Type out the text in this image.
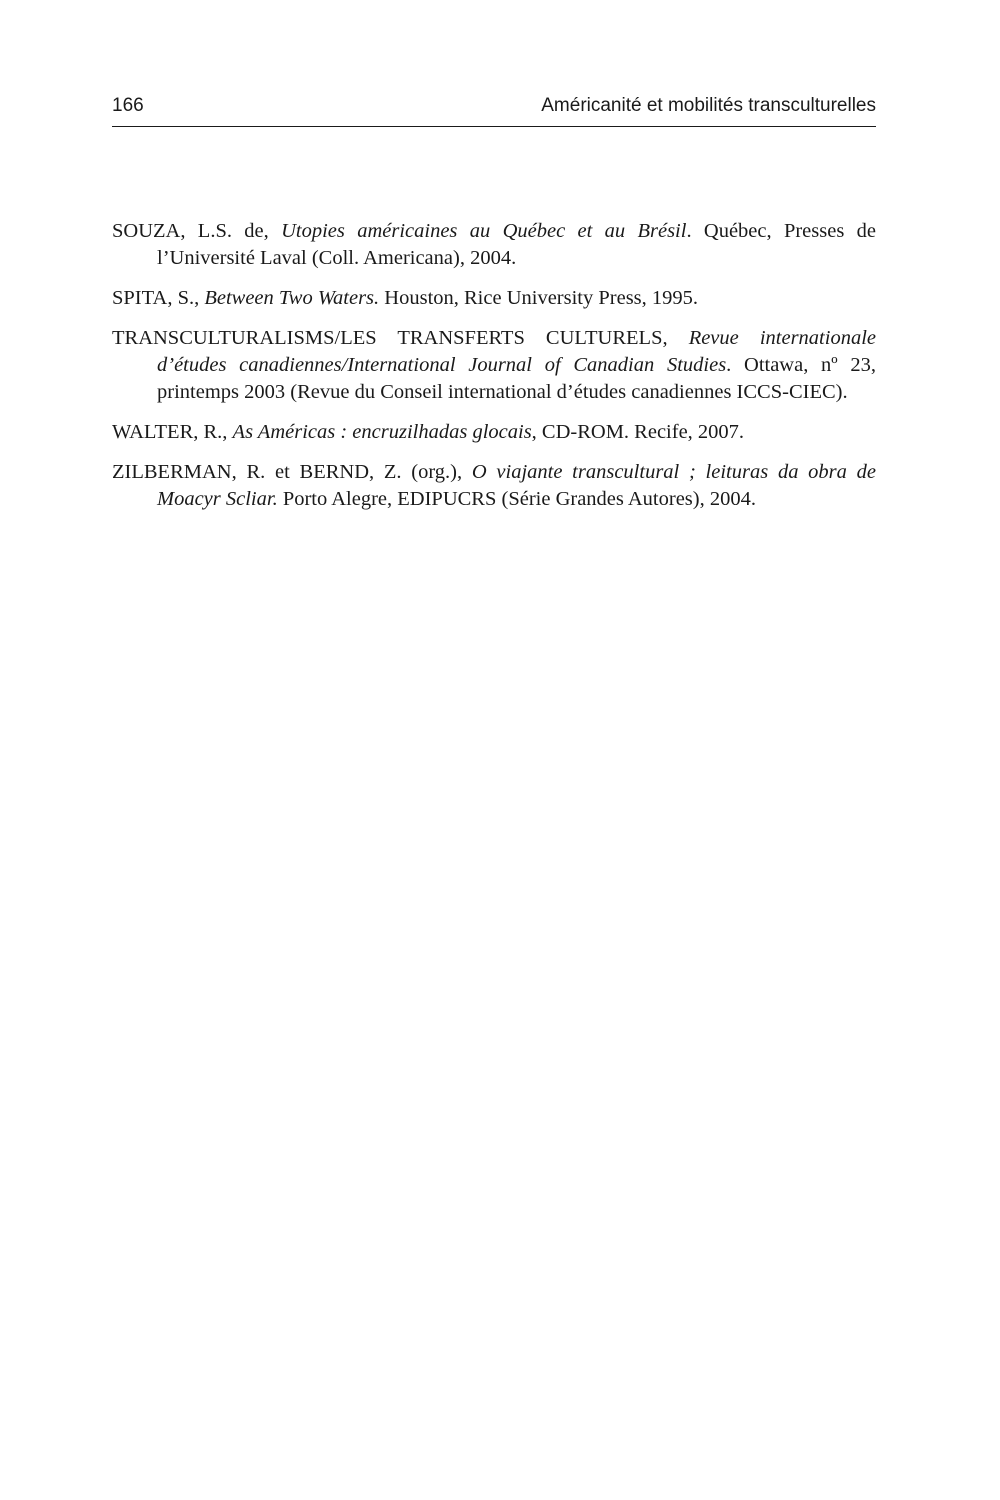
166	Américanité et mobilités transculturelles
SOUZA, L.S. de, Utopies américaines au Québec et au Brésil. Québec, Presses de l’Université Laval (Coll. Americana), 2004.
SPITA, S., Between Two Waters. Houston, Rice University Press, 1995.
TRANSCULTURALISMS/LES TRANSFERTS CULTURELS, Revue internationale d’études canadiennes/International Journal of Canadian Studies. Ottawa, nº 23, printemps 2003 (Revue du Conseil international d’études canadiennes ICCS-CIEC).
WALTER, R., As Américas : encruzilhadas glocais, CD-ROM. Recife, 2007.
ZILBERMAN, R. et BERND, Z. (org.), O viajante transcultural ; leituras da obra de Moacyr Scliar. Porto Alegre, EDIPUCRS (Série Grandes Autores), 2004.
